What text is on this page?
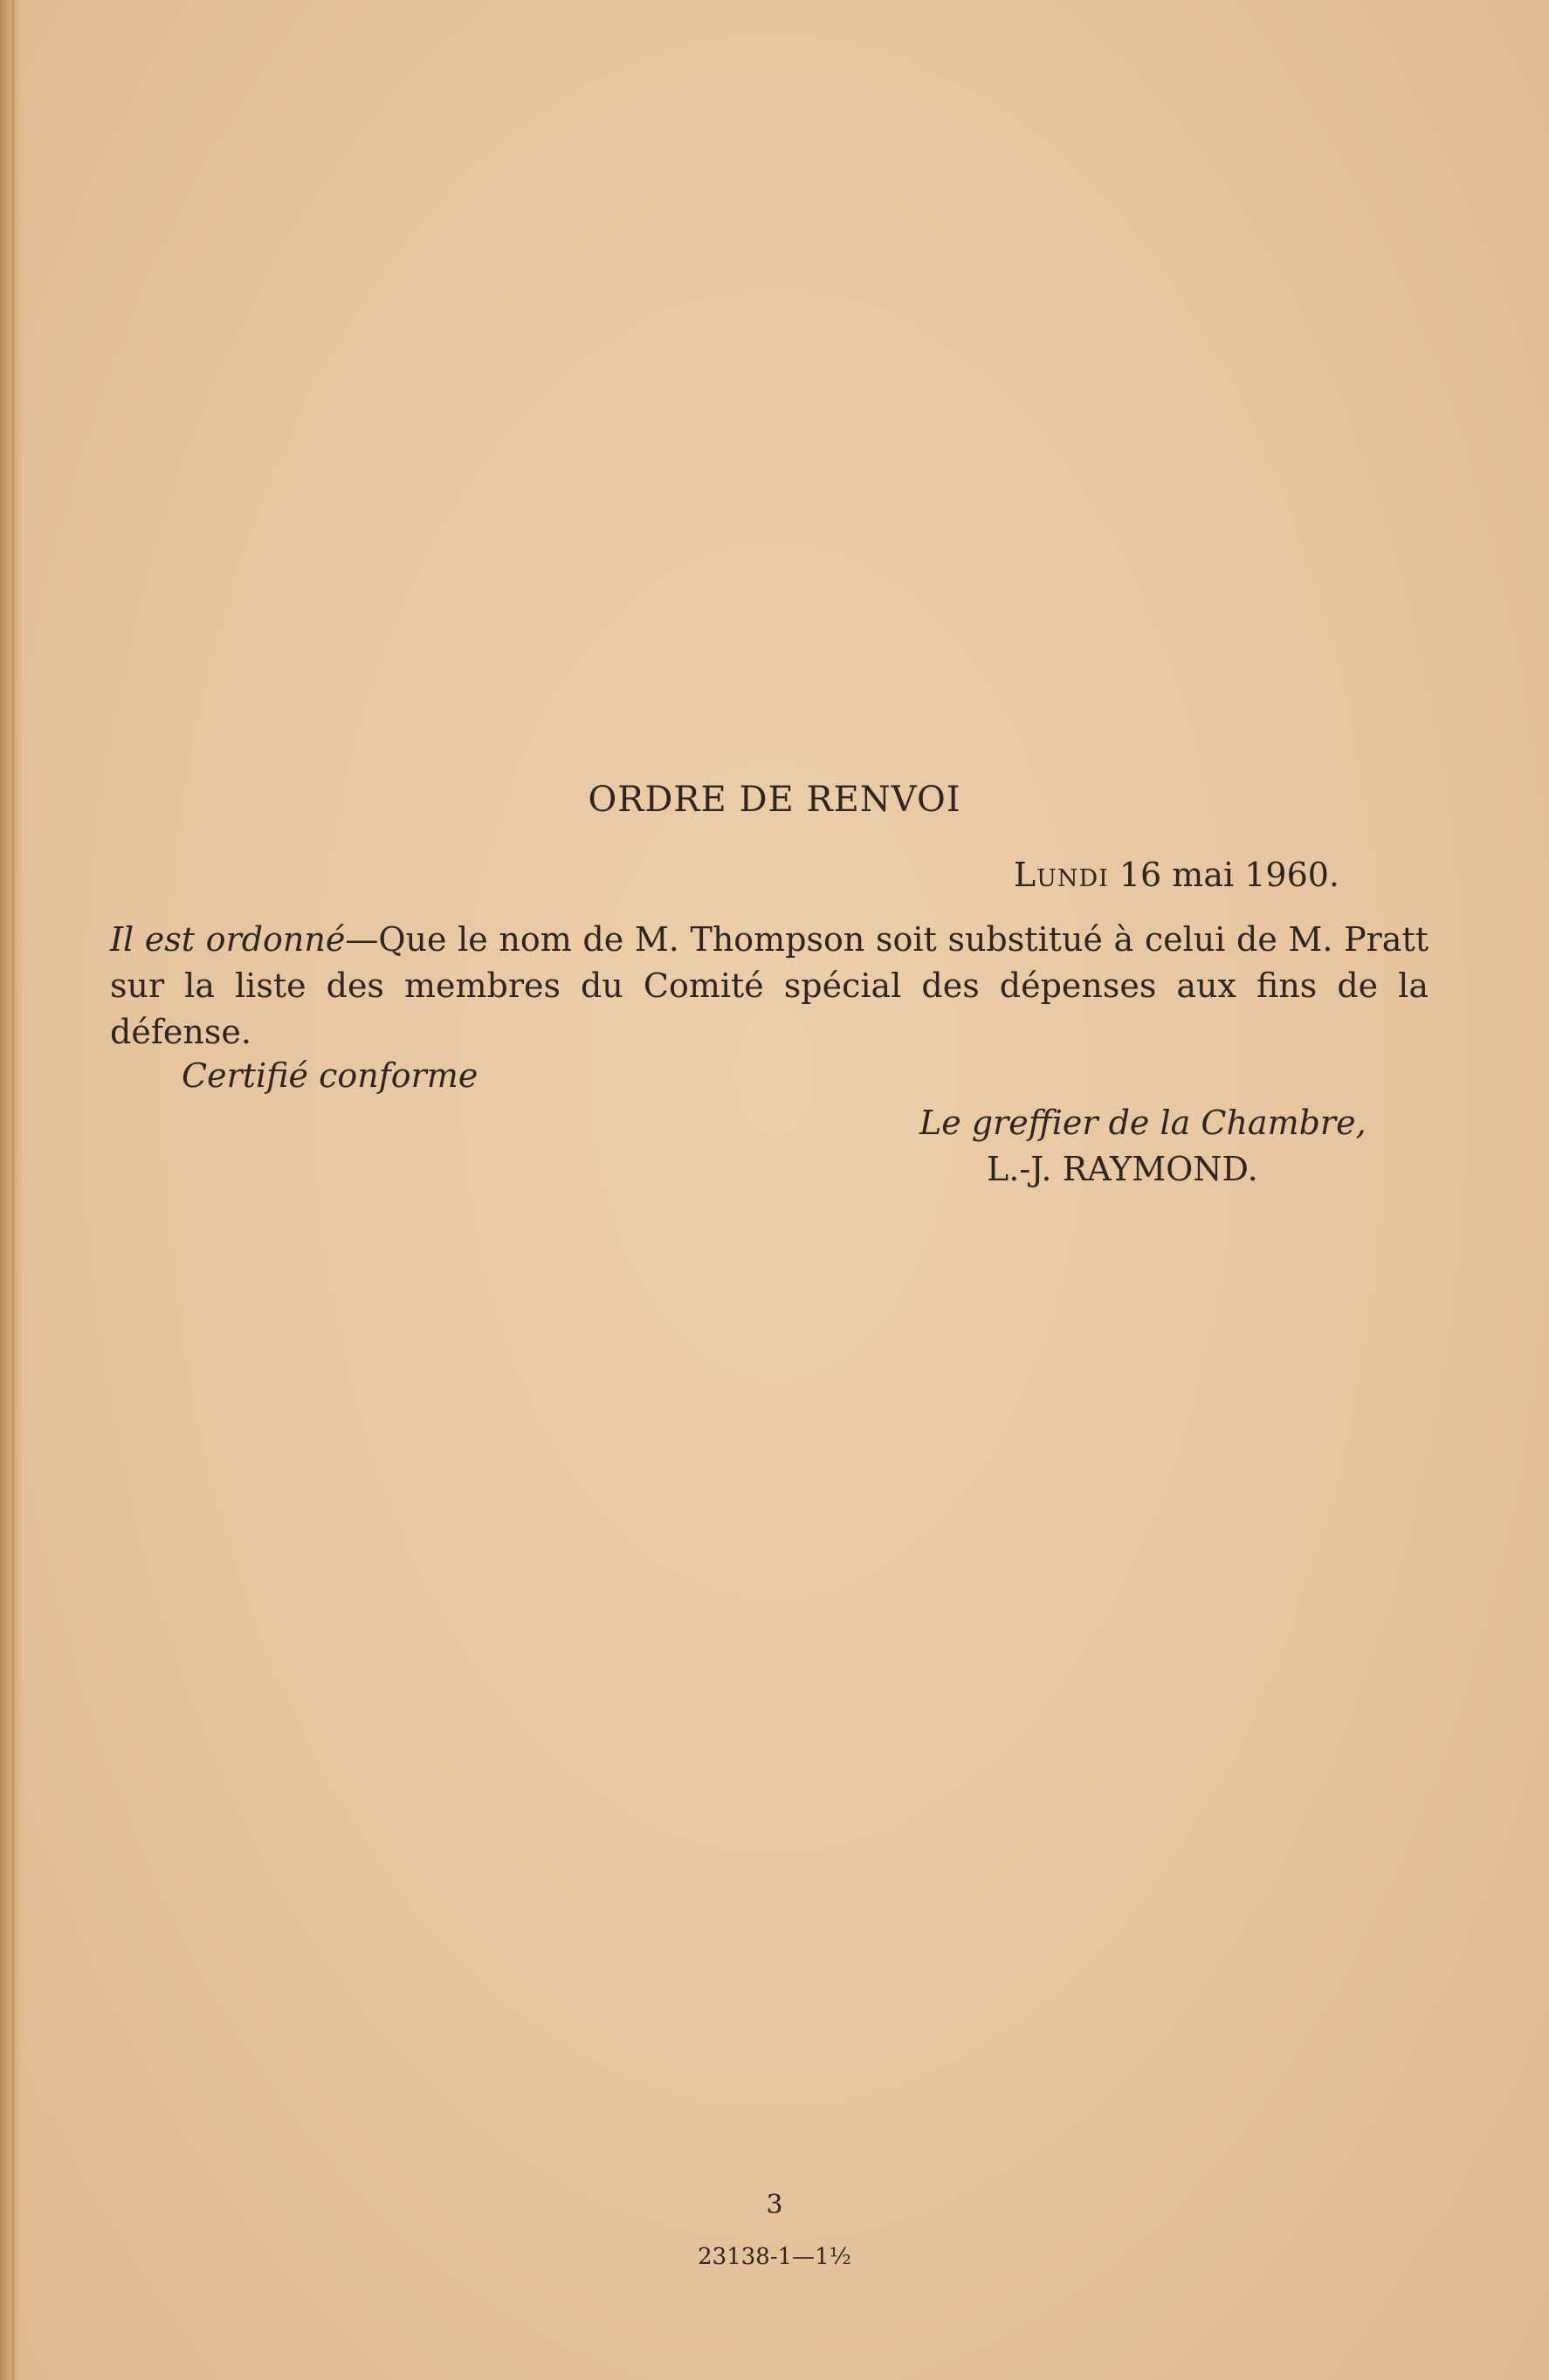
ORDRE DE RENVOI
Lundi 16 mai 1960.
Il est ordonné—Que le nom de M. Thompson soit substitué à celui de M. Pratt sur la liste des membres du Comité spécial des dépenses aux fins de la défense.
Certifié conforme
Le greffier de la Chambre,
L.-J. RAYMOND.
3
23138-1—1½
